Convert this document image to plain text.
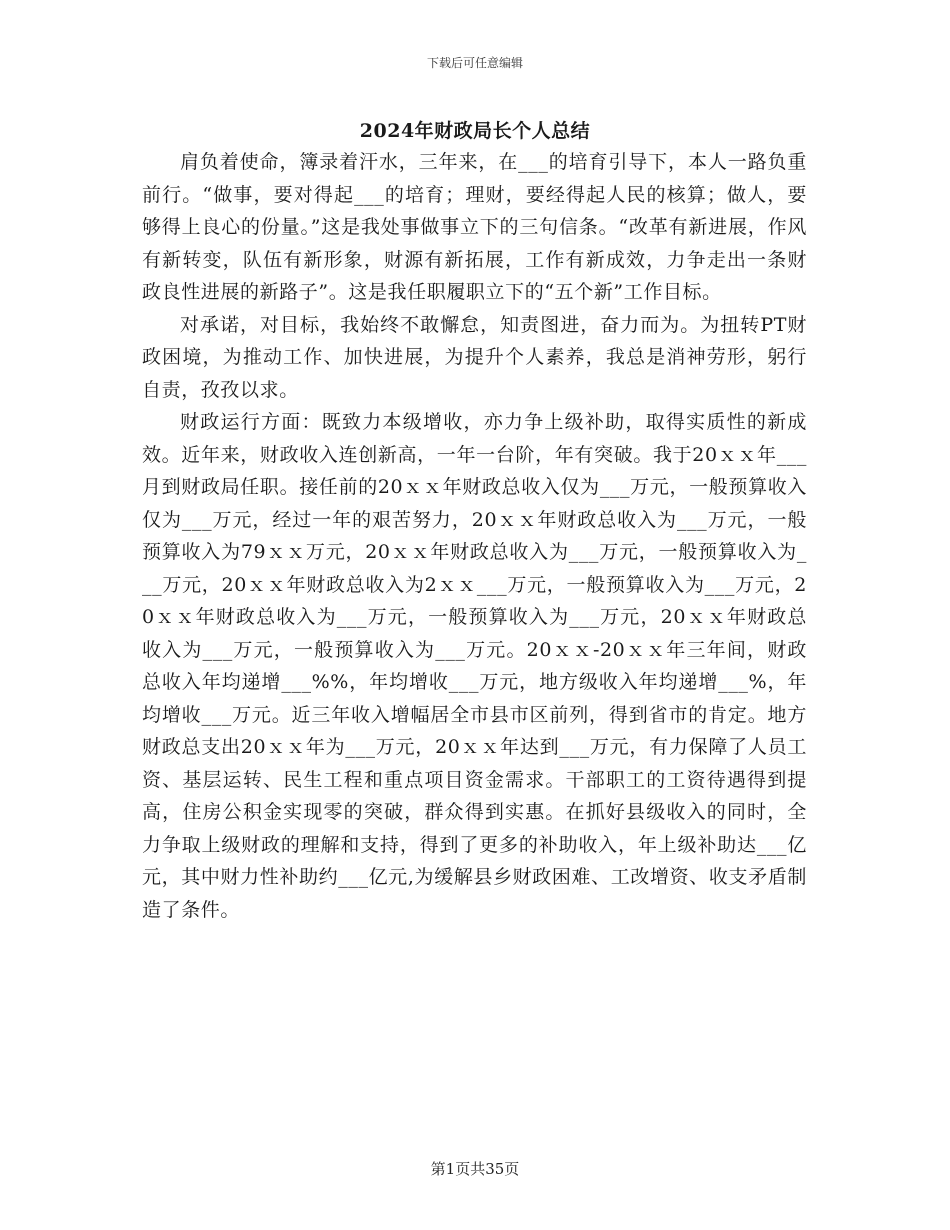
下载后可任意编辑
2024年财政局长个人总结

肩负着使命，簿录着汗水，三年来，在___的培育引导下，本人一路负重前行。“做事，要对得起___的培育；理财，要经得起人民的核算；做人，要够得上良心的份量。”这是我处事做事立下的三句信条。“改革有新进展，作风有新转变，队伍有新形象，财源有新拓展，工作有新成效，力争走出一条财政良性进展的新路子”。这是我任职履职立下的“五个新”工作目标。

对承诺，对目标，我始终不敢懈怠，知责图进，奋力而为。为扭转PT财政困境，为推动工作、加快进展，为提升个人素养，我总是消神劳形，躬行自责，孜孜以求。

财政运行方面：既致力本级增收，亦力争上级补助，取得实质性的新成效。近年来，财政收入连创新高，一年一台阶，年有突破。我于20ｘｘ年___月到财政局任职。接任前的20ｘｘ年财政总收入仅为___万元，一般预算收入仅为___万元，经过一年的艰苦努力，20ｘｘ年财政总收入为___万元，一般预算收入为79ｘｘ万元，20ｘｘ年财政总收入为___万元，一般预算收入为___万元，20ｘｘ年财政总收入为2ｘｘ___万元，一般预算收入为___万元，20ｘｘ年财政总收入为___万元，一般预算收入为___万元，20ｘｘ年财政总收入为___万元，一般预算收入为___万元。20ｘｘ-20ｘｘ年三年间，财政总收入年均递增___%%，年均增收___万元，地方级收入年均递增___%，年均增收___万元。近三年收入增幅居全市县市区前列，得到省市的肯定。地方财政总支出20ｘｘ年为___万元，20ｘｘ年达到___万元，有力保障了人员工资、基层运转、民生工程和重点项目资金需求。干部职工的工资待遇得到提高，住房公积金实现零的突破，群众得到实惠。在抓好县级收入的同时，全力争取上级财政的理解和支持，得到了更多的补助收入，年上级补助达___亿元，其中财力性补助约___亿元,为缓解县乡财政困难、工改增资、收支矛盾制造了条件。

第1页共35页
